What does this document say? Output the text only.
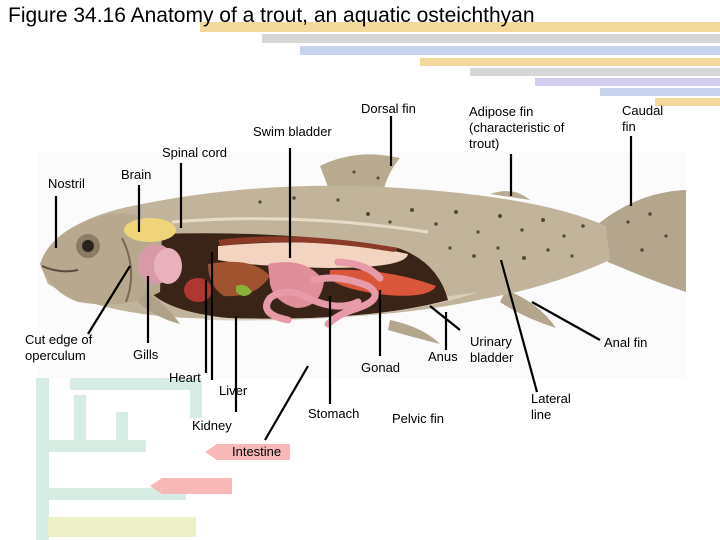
Figure 34.16 Anatomy of a trout, an aquatic osteichthyan
Nostril
Brain
Spinal cord
Swim bladder
Dorsal fin	Adipose fin (characteristic of trout)
Caudal fin
Cut edge of operculum	Gills
Heart
Liver
Kidney
Intestine
Stomach
Gonad
Pelvic fin
Anus
Urinary bladder
Lateral line
Anal fin
